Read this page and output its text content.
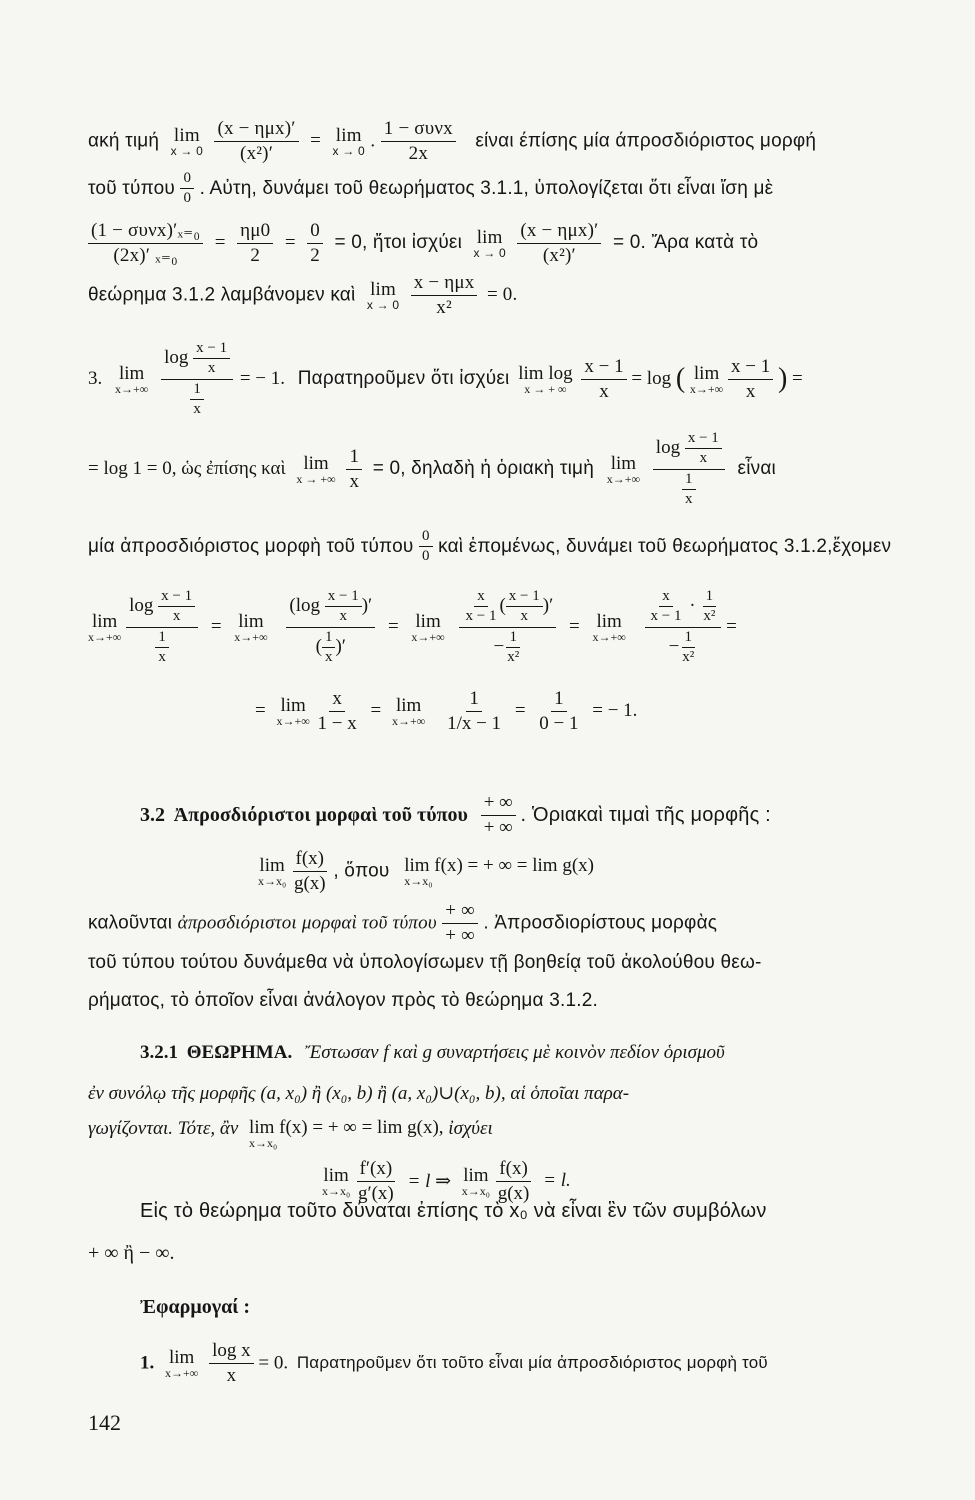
ακή τιμή lim
x → 0
$\frac{\text{(x − ημx)′}}{\text{(x²)′}} = \lim$
x → 0 . $\frac{\text{1 − συνx}}{2x}$ είναι έπίσης μία άπροσδιόριστος μορφή
τοῦ τύπου $\frac{0}{0}$ . Αὐτη, δυνάμει τοῦ θεωρήματος 3.1.1, ὑπολογίζεται ὅτι εἶναι ἴση μὲ
$\frac{\text{(1 − συνx)′ₓ₌₀}}{\text{(2x)′ ₓ₌₀}} = \frac{\eta\mu 0}{2} = \frac{0}{2} = 0$, ἤτοι ἰσχύει lim
x → 0
$\frac{\text{(x − ημx)′}}{\text{(x²)′}} = 0$. Ἄρα κατὰ τὸ
θεώρημα 3.1.2 λαμβάνομεν καὶ lim
x → 0
$\frac{\text{x − ημx}}{\text{x²}} = 0$.
3. lim
x→+∞
$\frac{\log \frac{x - 1}{x}}{\frac{1}{x}}$ = − 1. Παρατηροῦμεν ὅτι ἰσχύει lim log
x → + ∞
$\frac{x - 1}{x} = \log$ ( lim
x→+∞
$\frac{x - 1}{x}$ ) =
= log 1 = 0, ὡς ἐπίσης καὶ lim
x → +∞
$\frac{1}{x} = 0$, δηλαδὴ ἡ ὁριακὴ τιμὴ lim
x→+∞
$\frac{\log \frac{x - 1}{x}}{\frac{1}{x}}$ εἶναι
μία ἀπροσδιόριστος μορφὴ τοῦ τύπου $\frac{0}{0}$ καὶ ἑπομένως, δυνάμει τοῦ θεωρήματος 3.1.2,ἔχομεν
lim
x→+∞
$\frac{\log \frac{x - 1}{x}}{\frac{1}{x}} = \lim$
x→+∞
$\frac{(\log \frac{x - 1}{x} )'}{( \frac{1}{x} )'} = \lim$
x→+∞
$\frac{\frac{x}{x - 1} ( \frac{x - 1}{x} )'}{- \frac{1}{\text{x²}}} = \lim$
x→+∞
$\frac{\frac{x}{x - 1} \cdot \frac{1}{\text{x²}}}{- \frac{1}{\text{x²}}}$ =
= lim
x→+∞
$\frac{x}{1 - x} = \lim$
x→+∞
$\frac{1}{1/x - 1} = \frac{1}{0 - 1}$ = − 1.
3.2 Ἀπροσδιόριστοι μορφαὶ τοῦ τύπου $\frac{+ \infty}{+ \infty}$ . Ὁριακαὶ τιμαὶ τῆς μορφῆς :
lim
x→x₀
$\frac{f(x)}{g(x)}$ , ὅπου lim f(x) = + ∞ = lim g(x)
x→x₀
καλοῦνται ἀπροσδιόριστοι μορφαὶ τοῦ τύπου $\frac{+ \infty}{+ \infty}$ . Ἀπροσδιορίστους μορφὰς
τοῦ τύπου τούτου δυνάμεθα νὰ ὑπολογίσωμεν τῇ βοηθείᾳ τοῦ ἀκολούθου θεω-
ρήματος, τὸ ὁποῖον εἶναι ἀνάλογον πρὸς τὸ θεώρημα 3.1.2.
3.2.1 ΘΕΩΡΗΜΑ. Ἔστωσαν f καὶ g συναρτήσεις μὲ κοινὸν πεδίον ὁρισμοῦ
ἐν συνόλῳ τῆς μορφῆς (a, x₀) ἢ (x₀, b) ἢ (a, x₀)∪(x₀, b), αἱ ὁποῖαι παρα-
γωγίζονται. Τότε, ἂν lim f(x) = + ∞ = lim g(x),
x→x₀
ἰσχύει
lim
x→x₀
$\frac{f'(x)}{g'(x)} = l$ ⇒ lim
x→x₀
$\frac{f(x)}{g(x)} = l$.
Εἰς τὸ θεώρημα τοῦτο δύναται ἐπίσης τὸ x₀ νὰ εἶναι ἓν τῶν συμβόλων
+ ∞ ἢ − ∞.
Ἐφαρμογαί :
1. lim
x→+∞
$\frac{\text{log x}}{x} = 0$. Παρατηροῦμεν ὅτι τοῦτο εἶναι μία ἀπροσδιόριστος μορφὴ τοῦ
142
